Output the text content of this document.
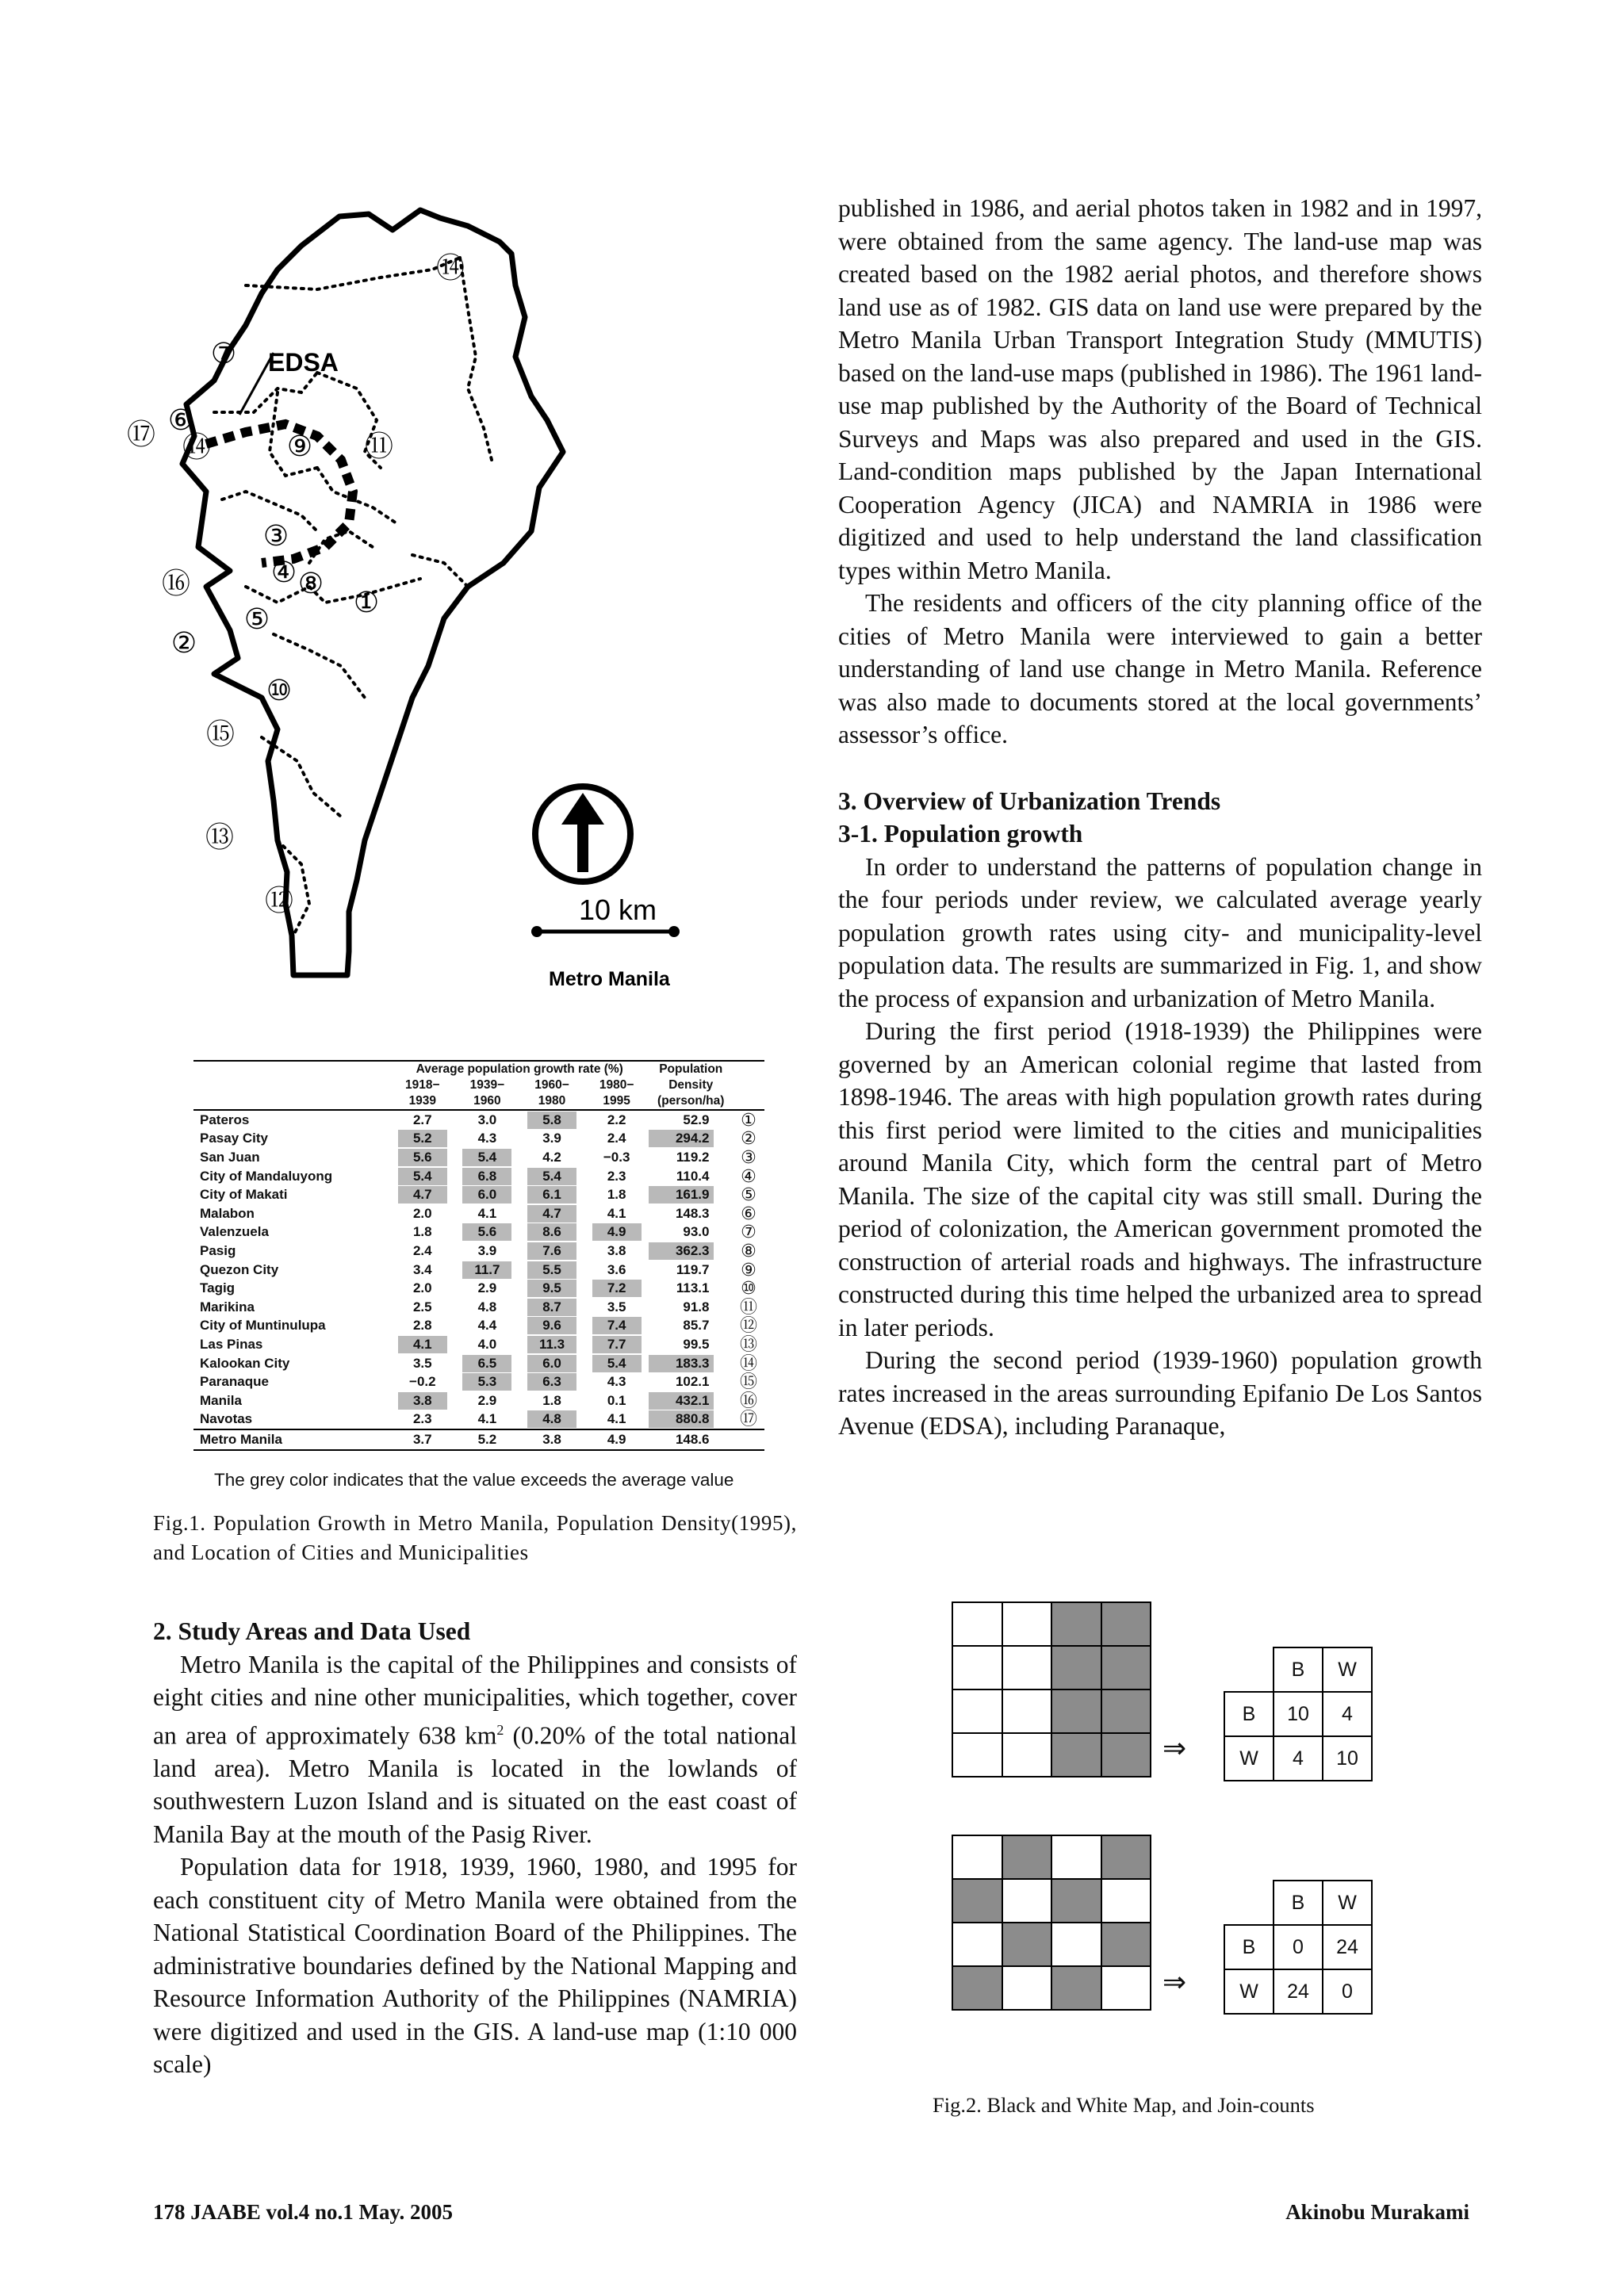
EDSA
⑭
⑦
⑥
⑰ ⑭	⑨ ⑪
③
④ ⑧
⑯
⑤
①
②
⑩
⑮
⑬
⑫	10 km
Metro Manila
	Average population growth rate (%)				Population	
	1918−	1939−	1960−	1980−	Density	
	1939	1960	1980	1995	(person/ha)	
Pateros	2.7	3.0	5.8	2.2	52.9	①
Pasay City	5.2	4.3	3.9	2.4	294.2	②
San Juan	5.6	5.4	4.2	−0.3	119.2	③
City of Mandaluyong	5.4	6.8	5.4	2.3	110.4	④
City of Makati	4.7	6.0	6.1	1.8	161.9	⑤
Malabon	2.0	4.1	4.7	4.1	148.3	⑥
Valenzuela	1.8	5.6	8.6	4.9	93.0	⑦
Pasig	2.4	3.9	7.6	3.8	362.3	⑧
Quezon City	3.4	11.7	5.5	3.6	119.7	⑨
Tagig	2.0	2.9	9.5	7.2	113.1	⑩
Marikina	2.5	4.8	8.7	3.5	91.8	⑪
City of Muntinulupa	2.8	4.4	9.6	7.4	85.7	⑫
Las Pinas	4.1	4.0	11.3	7.7	99.5	⑬
Kalookan City	3.5	6.5	6.0	5.4	183.3	⑭
Paranaque	−0.2	5.3	6.3	4.3	102.1	⑮
Manila	3.8	2.9	1.8	0.1	432.1	⑯
Navotas	2.3	4.1	4.8	4.1	880.8	⑰
Metro Manila	3.7	5.2	3.8	4.9	148.6	
The grey color indicates that the value exceeds the average value
Fig.1. Population Growth in Metro Manila, Population Density(1995), and Location of Cities and Municipalities

2. Study Areas and Data Used

Metro Manila is the capital of the Philippines and consists of eight cities and nine other municipalities, which together, cover an area of approximately 638 $km^2$ (0.20% of the total national land area). Metro Manila is located in the lowlands of southwestern Luzon Island and is situated on the east coast of Manila Bay at the mouth of the Pasig River.

Population data for 1918, 1939, 1960, 1980, and 1995 for each constituent city of Metro Manila were obtained from the National Statistical Coordination Board of the Philippines. The administrative boundaries defined by the National Mapping and Resource Information Authority of the Philippines (NAMRIA) were digitized and used in the GIS. A land-use map (1:10 000 scale)

published in 1986, and aerial photos taken in 1982 and in 1997, were obtained from the same agency. The land-use map was created based on the 1982 aerial photos, and therefore shows land use as of 1982. GIS data on land use were prepared by the Metro Manila Urban Transport Integration Study (MMUTIS) based on the land-use maps (published in 1986). The 1961 land-use map published by the Authority of the Board of Technical Surveys and Maps was also prepared and used in the GIS. Land-condition maps published by the Japan International Cooperation Agency (JICA) and NAMRIA in 1986 were digitized and used to help understand the land classification types within Metro Manila.

The residents and officers of the city planning office of the cities of Metro Manila were interviewed to gain a better understanding of land use change in Metro Manila. Reference was also made to documents stored at the local governments’ assessor’s office.

3. Overview of Urbanization Trends

3-1. Population growth

In order to understand the patterns of population change in the four periods under review, we calculated average yearly population growth rates using city- and municipality-level population data. The results are summarized in Fig. 1, and show the process of expansion and urbanization of Metro Manila.

During the first period (1918-1939) the Philippines were governed by an American colonial regime that lasted from 1898-1946. The areas with high population growth rates during this first period were limited to the cities and municipalities around Manila City, which form the central part of Metro Manila. The size of the capital city was still small. During the period of colonization, the American government promoted the construction of arterial roads and highways. The infrastructure constructed during this time helped the urbanized area to spread in later periods.

During the second period (1939-1960) population growth rates increased in the areas surrounding Epifanio De Los Santos Avenue (EDSA), including Paranaque,

⇒
	B	W
B	10	4
W	4	10
⇒
	B	W
B	0	24
W	24	0
Fig.2. Black and White Map, and Join-counts
178 JAABE vol.4 no.1 May. 2005	Akinobu Murakami
